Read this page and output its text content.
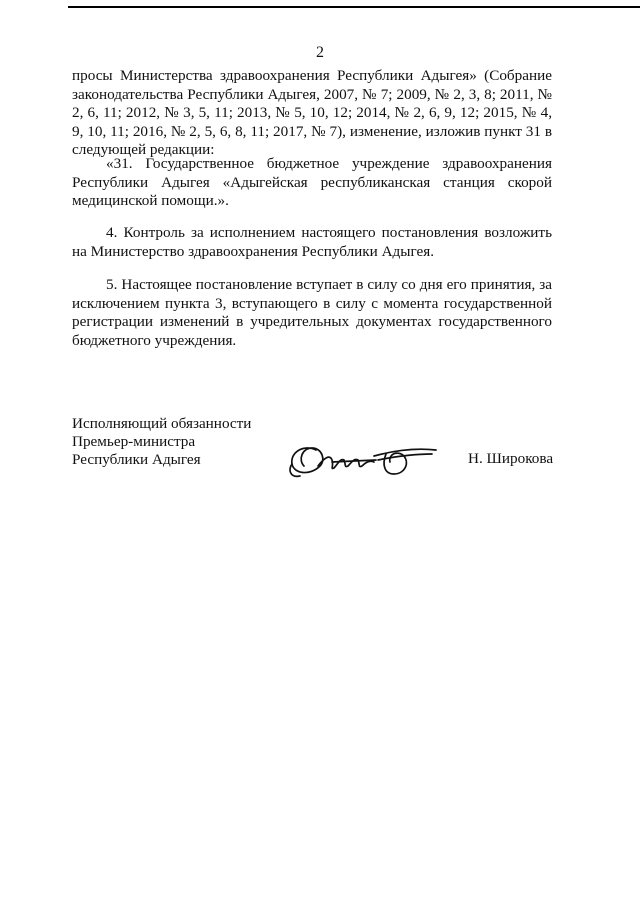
2
просы Министерства здравоохранения Республики Адыгея» (Собрание законодательства Республики Адыгея, 2007, № 7; 2009, № 2, 3, 8; 2011, № 2, 6, 11; 2012, № 3, 5, 11; 2013, № 5, 10, 12; 2014, № 2, 6, 9, 12; 2015, № 4, 9, 10, 11; 2016, № 2, 5, 6, 8, 11; 2017, № 7), изменение, изложив пункт 31 в следующей редакции:
«31. Государственное бюджетное учреждение здравоохранения Республики Адыгея «Адыгейская республиканская станция скорой медицинской помощи.».
4. Контроль за исполнением настоящего постановления возложить на Министерство здравоохранения Республики Адыгея.
5. Настоящее постановление вступает в силу со дня его принятия, за исключением пункта 3, вступающего в силу с момента государственной регистрации изменений в учредительных документах государственного бюджетного учреждения.
Исполняющий обязанности
Премьер-министра
Республики Адыгея	Н. Широкова
